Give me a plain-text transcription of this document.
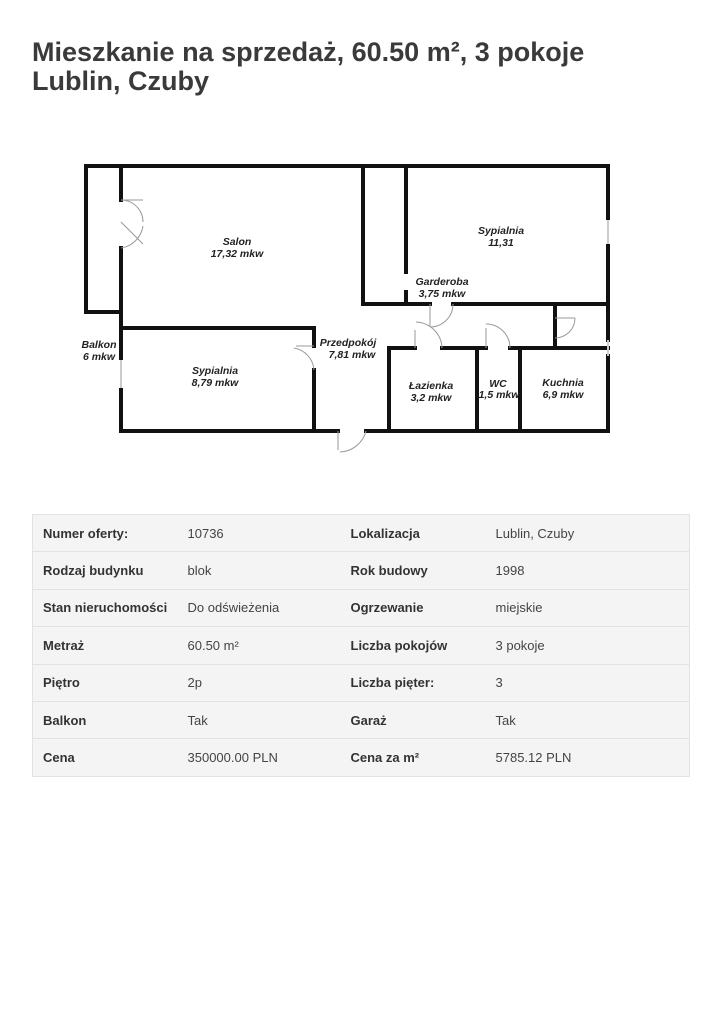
Mieszkanie na sprzedaż, 60.50 m², 3 pokoje
Lublin, Czuby
Salon
17,32 mkw
Sypialnia
11,31
Garderoba
3,75 mkw
Balkon
6 mkw
Przedpokój
7,81 mkw
Sypialnia
8,79 mkw	Łazienka
3,2 mkw
WC
1,5 mkw
Kuchnia
6,9 mkw
Numer oferty:	10736	Lokalizacja	Lublin, Czuby
Rodzaj budynku	blok	Rok budowy	1998
Stan nieruchomości	Do odświeżenia	Ogrzewanie	miejskie
Metraż	60.50 m²	Liczba pokojów	3 pokoje
Piętro	2p	Liczba pięter:	3
Balkon	Tak	Garaż	Tak
Cena	350000.00 PLN	Cena za m²	5785.12 PLN
